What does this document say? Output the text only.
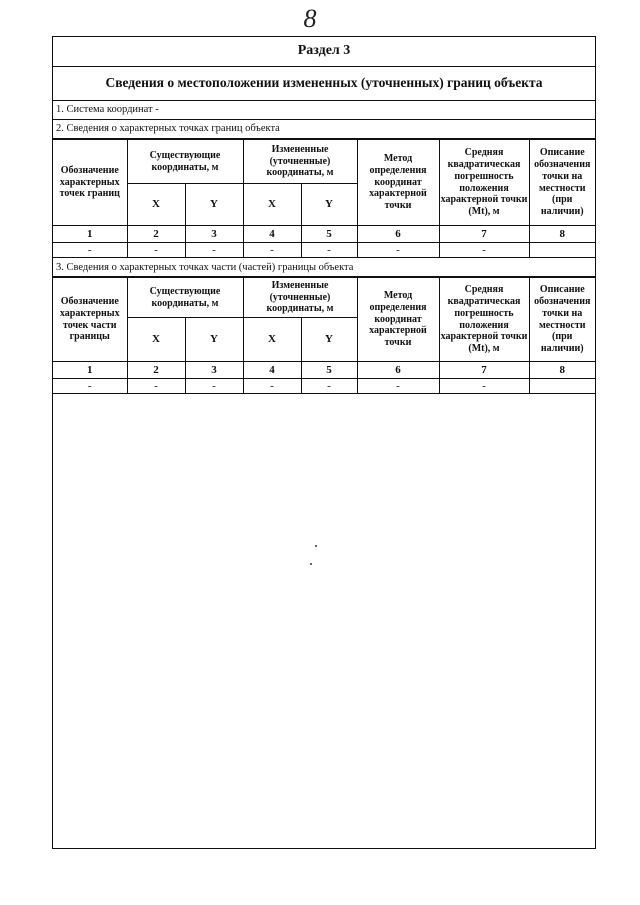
8
Раздел 3
Сведения о местоположении измененных (уточненных) границ объекта
1. Система координат -
2. Сведения о характерных точках границ объекта
Обозначение характерных точек границ	Существующие координаты, м		Измененные (уточненные) координаты, м		Метод определения координат характерной точки	Средняя квадратическая погрешность положения характерной точки (Mt), м	Описание обозначения точки на местности (при наличии)
	X	Y	X	Y			
1	2	3	4	5	6	7	8
-	-	-	-	-	-	-	
3. Сведения о характерных точках части (частей) границы объекта
Обозначение характерных точек части границы	Существующие координаты, м		Измененные (уточненные) координаты, м		Метод определения координат характерной точки	Средняя квадратическая погрешность положения характерной точки (Mt), м	Описание обозначения точки на местности (при наличии)
	X	Y	X	Y			
1	2	3	4	5	6	7	8
-	-	-	-	-	-	-	
